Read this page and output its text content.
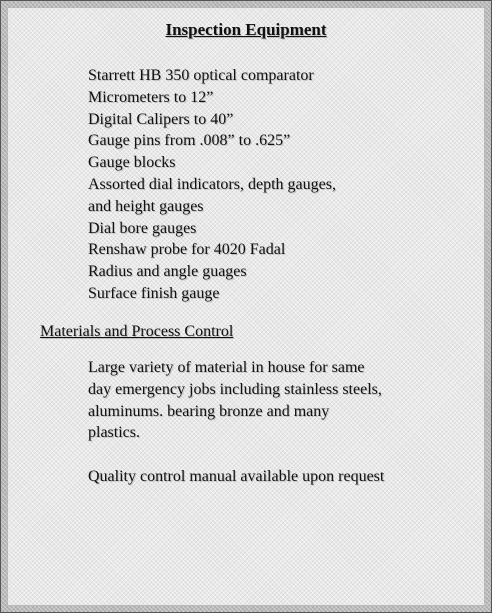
Inspection Equipment
Starrett HB 350 optical comparator
Micrometers to 12”
Digital Calipers to 40”
Gauge pins from .008” to .625”
Gauge blocks
Assorted dial indicators, depth gauges,
and height gauges
Dial bore gauges
Renshaw probe for 4020 Fadal
Radius and angle guages
Surface finish gauge
Materials and Process Control
Large variety of material in house for same
day emergency jobs including stainless steels,
aluminums. bearing bronze and many
plastics.
Quality control manual available upon request
